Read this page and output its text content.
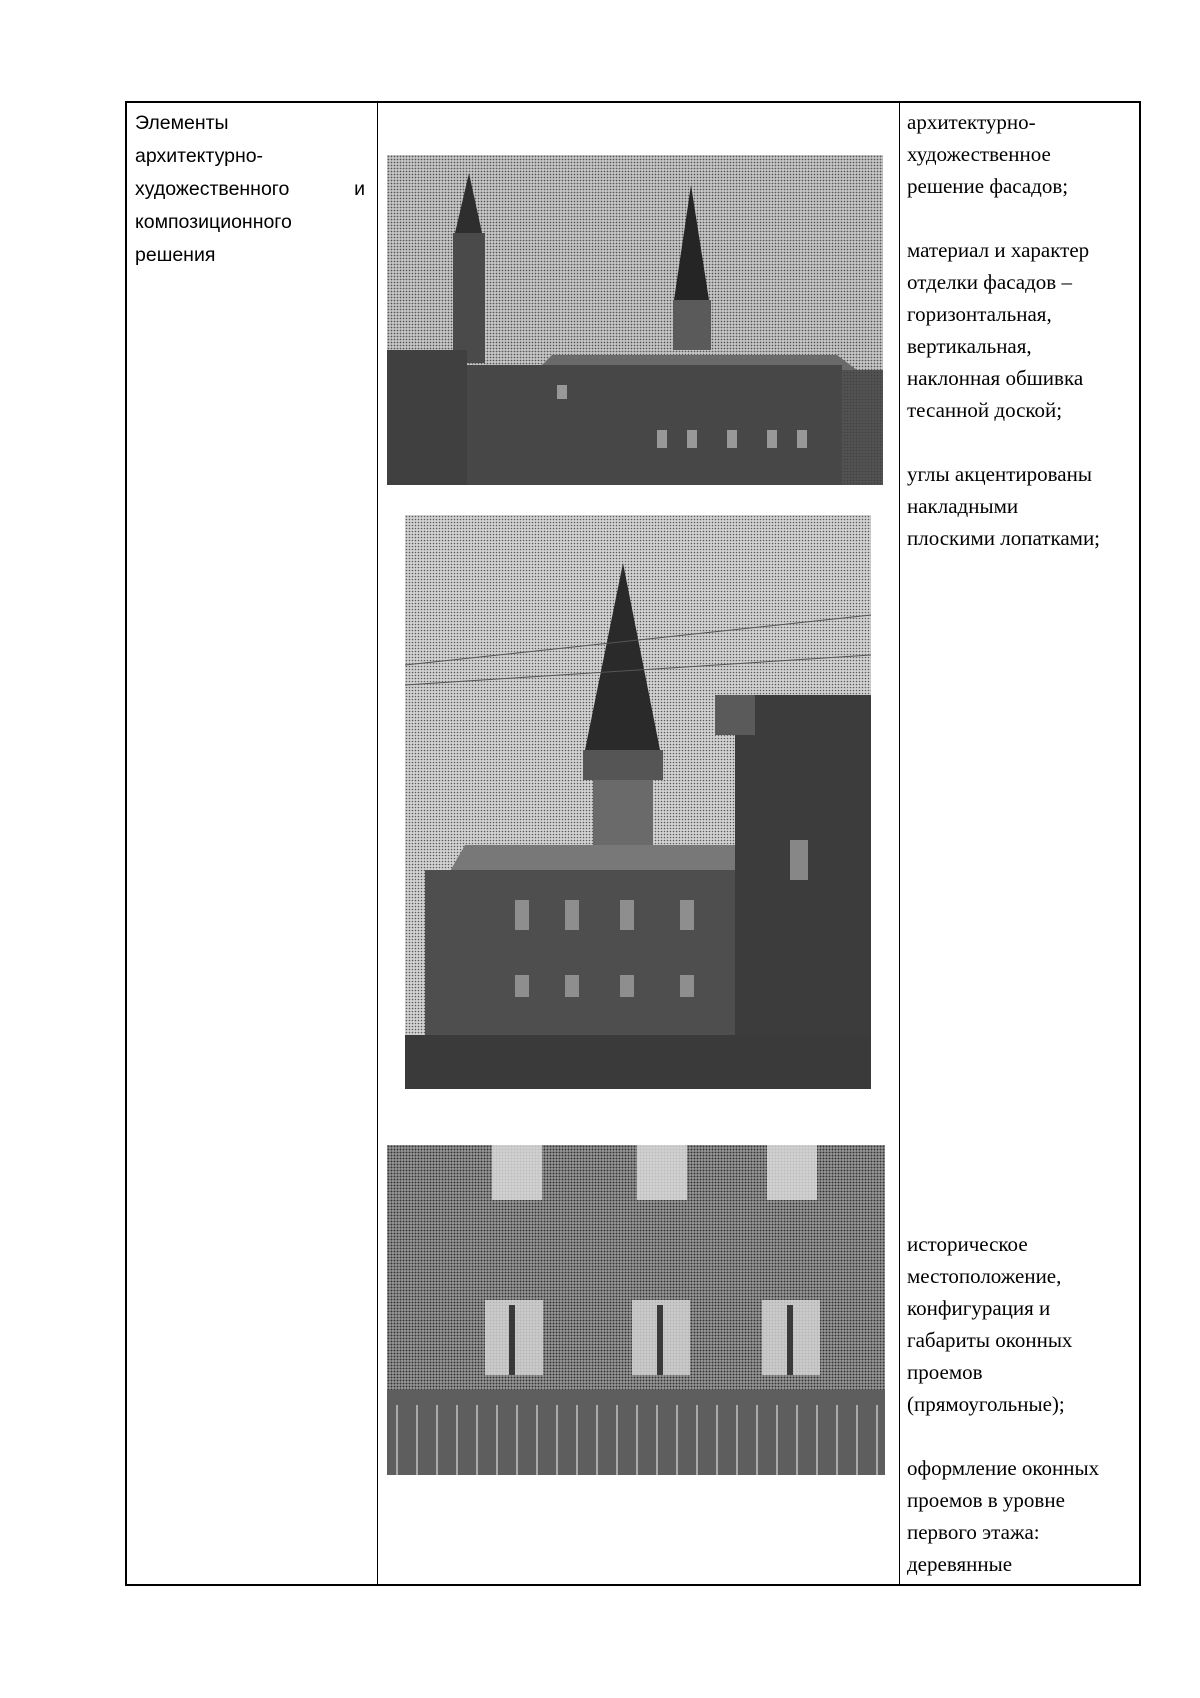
Элементы
архитектурно-
художественного	и
композиционного
решения

архитектурно-
художественное
решение фасадов;

материал и характер
отделки фасадов –
горизонтальная,
вертикальная,
наклонная обшивка
тесанной доской;

углы акцентированы
накладными
плоскими лопатками;

историческое
местоположение,
конфигурация и
габариты оконных
проемов
(прямоугольные);

оформление оконных
проемов в уровне
первого этажа:
деревянные
